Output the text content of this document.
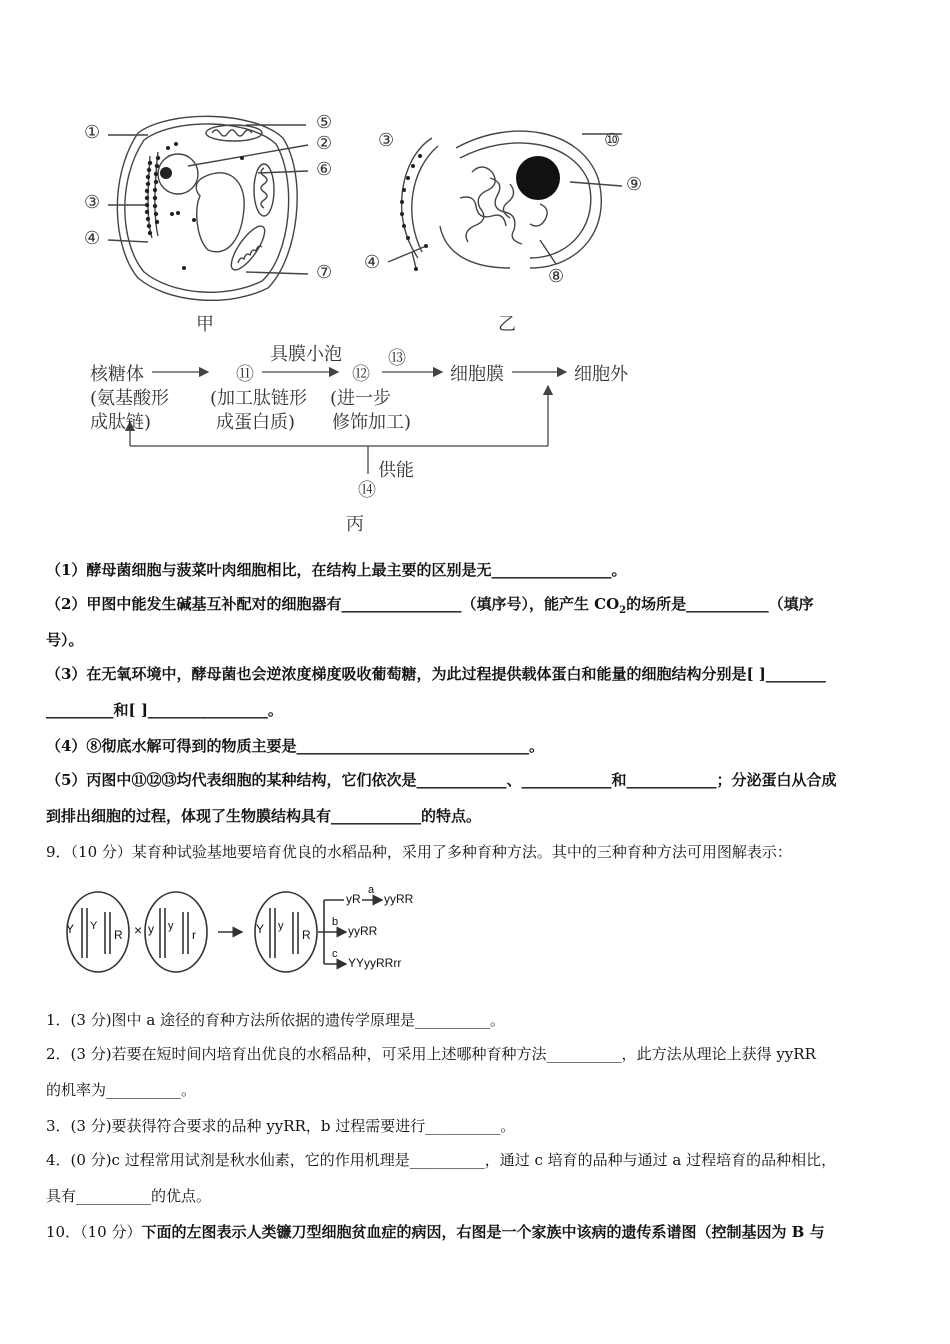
①	⑤
②
⑥
③
④
⑦
甲
③	⑩
⑨
④
⑧
乙
核糖体
(氨基酸形
成肽链)
⑪
(加工肽链形
成蛋白质)
具膜小泡
⑫
(进一步
修饰加工)
⑬
细胞膜	细胞外
供能
⑭
丙
（1）酵母菌细胞与菠菜叶肉细胞相比，在结构上最主要的区别是无________________。
（2）甲图中能发生碱基互补配对的细胞器有________________（填序号），能产生 $CO_2$的场所是___________（填序
号）。
（3）在无氧环境中，酵母菌也会逆浓度梯度吸收葡萄糖，为此过程提供载体蛋白和能量的细胞结构分别是[ ]________
_________和[ ]________________。
（4）⑧彻底水解可得到的物质主要是_______________________________。
（5）丙图中⑪⑫⑬均代表细胞的某种结构，它们依次是____________、____________和____________；分泌蛋白从合成
到排出细胞的过程，体现了生物膜结构具有____________的特点。
9．（10 分）某育种试验基地要培育优良的水稻品种，采用了多种育种方法。其中的三种育种方法可用图解表示：
Y Y
R × y y
r	Y y
R
yR
a
yyRR
b
yyRR
c
YYyyRRrr
1．(3 分)图中 a 途径的育种方法所依据的遗传学原理是__________。
2．(3 分)若要在短时间内培育出优良的水稻品种，可采用上述哪种育种方法__________，此方法从理论上获得 yyRR
的机率为__________。
3．(3 分)要获得符合要求的品种 yyRR，b 过程需要进行__________。
4．(0 分)c 过程常用试剂是秋水仙素，它的作用机理是__________，通过 c 培育的品种与通过 a 过程培育的品种相比，
具有__________的优点。
10．（10 分）下面的左图表示人类镰刀型细胞贫血症的病因，右图是一个家族中该病的遗传系谱图（控制基因为 B 与
